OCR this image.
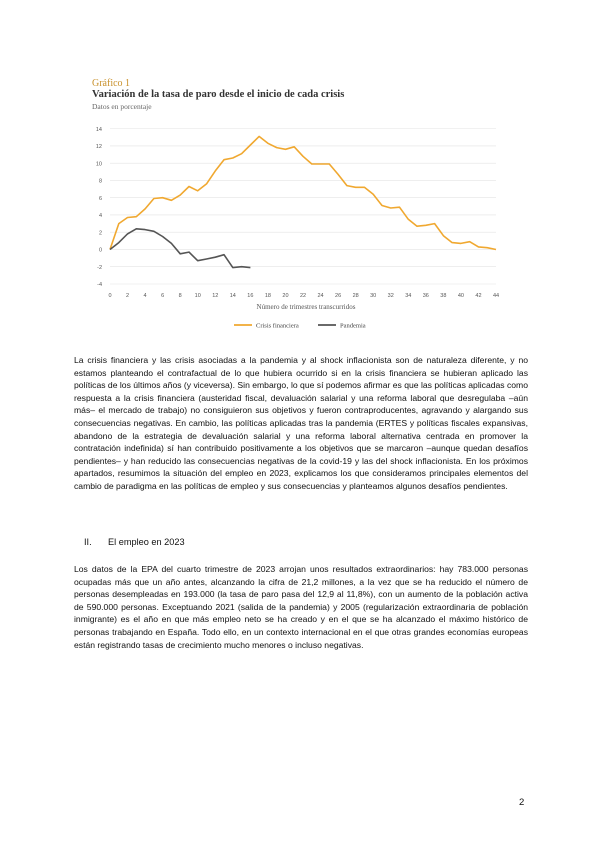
Gráfico 1
Variación de la tasa de paro desde el inicio de cada crisis
Datos en porcentaje
-4
-2
0
2
4
6
8
10
12
14
0	2	4	6	8 10 12 14 16 18 20 22 24 26 28 30 32 34 36 38 40 42 44
Número de trimestres transcurridos
Crisis financiera	Pandemia

La crisis financiera y las crisis asociadas a la pandemia y al shock inflacionista son de naturaleza diferente, y no estamos planteando el contrafactual de lo que hubiera ocurrido si en la crisis financiera se hubieran aplicado las políticas de los últimos años (y viceversa). Sin embargo, lo que sí podemos afirmar es que las políticas aplicadas como respuesta a la crisis financiera (austeridad fiscal, devaluación salarial y una reforma laboral que desregulaba –aún más– el mercado de trabajo) no consiguieron sus objetivos y fueron contraproducentes, agravando y alargando sus consecuencias negativas. En cambio, las políticas aplicadas tras la pandemia (ERTES y políticas fiscales expansivas, abandono de la estrategia de devaluación salarial y una reforma laboral alternativa centrada en promover la contratación indefinida) sí han contribuido positivamente a los objetivos que se marcaron –aunque quedan desafíos pendientes– y han reducido las consecuencias negativas de la covid-19 y las del shock inflacionista. En los próximos apartados, resumimos la situación del empleo en 2023, explicamos los que consideramos principales elementos del cambio de paradigma en las políticas de empleo y sus consecuencias y planteamos algunos desafíos pendientes.

II. El empleo en 2023

Los datos de la EPA del cuarto trimestre de 2023 arrojan unos resultados extraordinarios: hay 783.000 personas ocupadas más que un año antes, alcanzando la cifra de 21,2 millones, a la vez que se ha reducido el número de personas desempleadas en 193.000 (la tasa de paro pasa del 12,9 al 11,8%), con un aumento de la población activa de 590.000 personas. Exceptuando 2021 (salida de la pandemia) y 2005 (regularización extraordinaria de población inmigrante) es el año en que más empleo neto se ha creado y en el que se ha alcanzado el máximo histórico de personas trabajando en España. Todo ello, en un contexto internacional en el que otras grandes economías europeas están registrando tasas de crecimiento mucho menores o incluso negativas.

2
